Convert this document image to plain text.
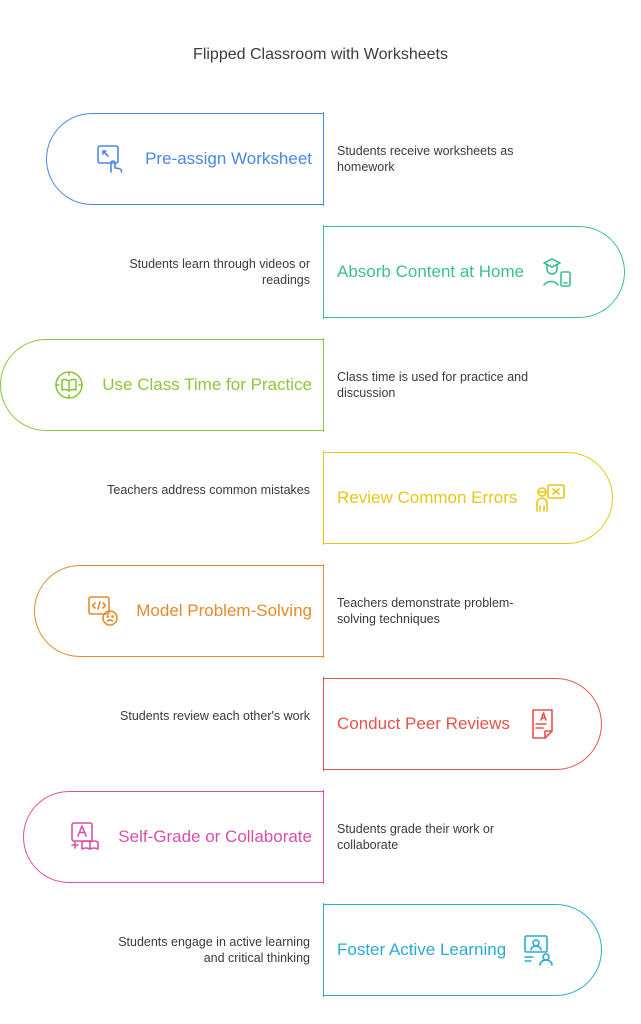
Flipped Classroom with Worksheets
Pre-assign Worksheet Students receive worksheets as homework
Absorb Content at Home
Students learn through videos or readings
Use Class Time for Practice Class time is used for practice and discussion
Review Common Errors
Teachers address common mistakes
Model Problem-Solving Teachers demonstrate problem-solving techniques
Conduct Peer Reviews
Students review each other's work
Self-Grade or Collaborate Students grade their work or collaborate
Foster Active Learning
Students engage in active learning and critical thinking
